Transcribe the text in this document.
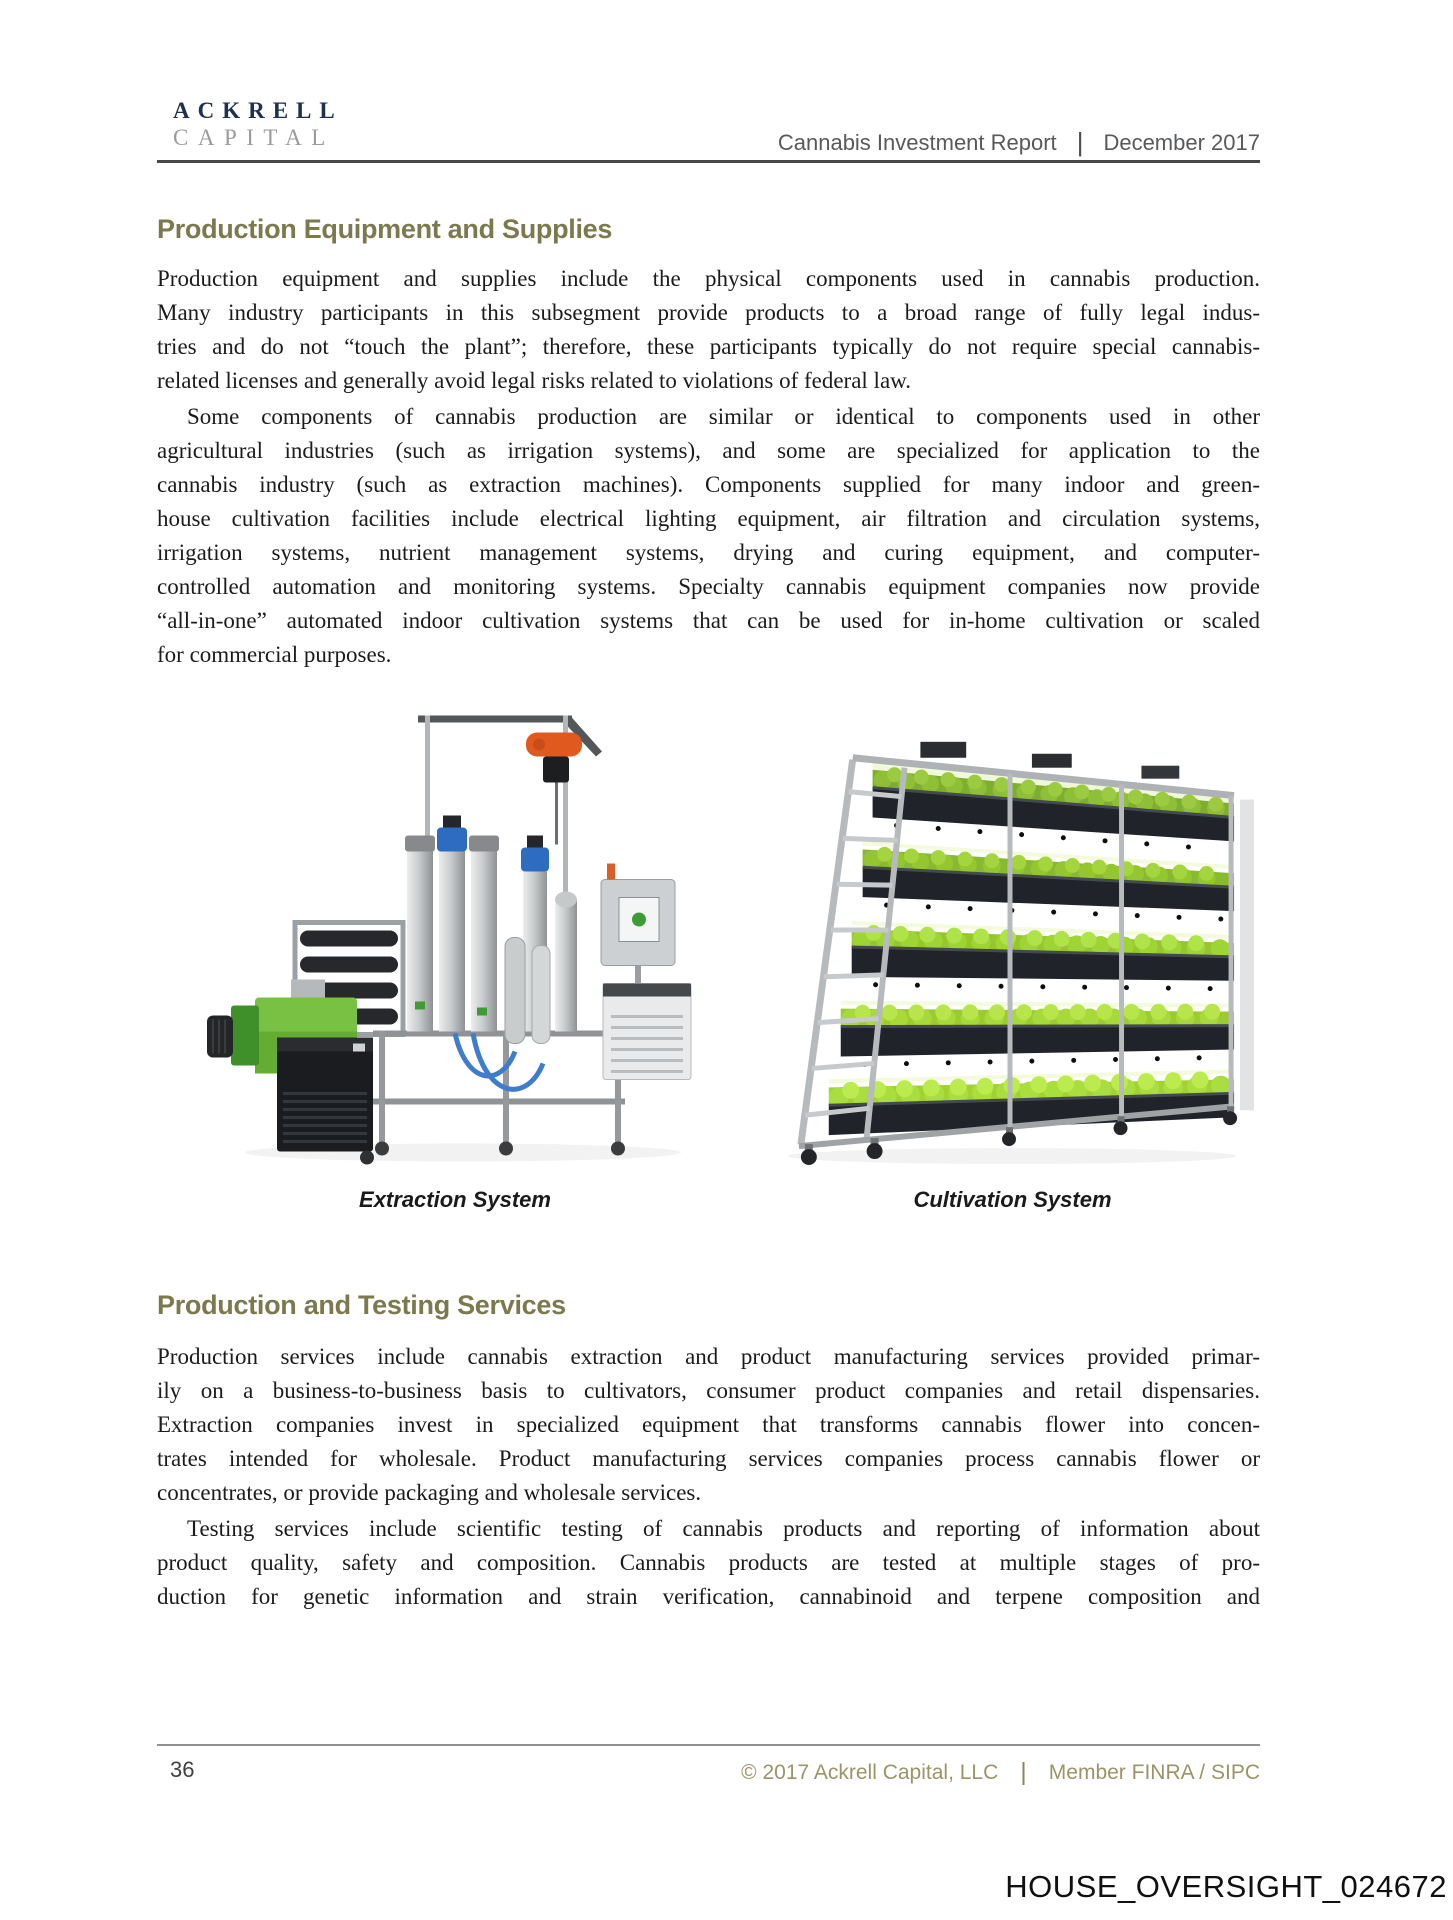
ACKRELL
CAPITAL	Cannabis Investment Report | December 2017
Production Equipment and Supplies
Production equipment and supplies include the physical components used in cannabis production.
Many industry participants in this subsegment provide products to a broad range of fully legal indus-
tries and do not “touch the plant”; therefore, these participants typically do not require special cannabis-
related licenses and generally avoid legal risks related to violations of federal law.
Some components of cannabis production are similar or identical to components used in other
agricultural industries (such as irrigation systems), and some are specialized for application to the
cannabis industry (such as extraction machines). Components supplied for many indoor and green-
house cultivation facilities include electrical lighting equipment, air filtration and circulation systems,
irrigation systems, nutrient management systems, drying and curing equipment, and computer-
controlled automation and monitoring systems. Specialty cannabis equipment companies now provide
“all-in-one” automated indoor cultivation systems that can be used for in-home cultivation or scaled
for commercial purposes.
Extraction System	Cultivation System
Production and Testing Services
Production services include cannabis extraction and product manufacturing services provided primar-
ily on a business-to-business basis to cultivators, consumer product companies and retail dispensaries.
Extraction companies invest in specialized equipment that transforms cannabis flower into concen-
trates intended for wholesale. Product manufacturing services companies process cannabis flower or
concentrates, or provide packaging and wholesale services.
Testing services include scientific testing of cannabis products and reporting of information about
product quality, safety and composition. Cannabis products are tested at multiple stages of pro-
duction for genetic information and strain verification, cannabinoid and terpene composition and
36	© 2017 Ackrell Capital, LLC | Member FINRA / SIPC
HOUSE_OVERSIGHT_024672
